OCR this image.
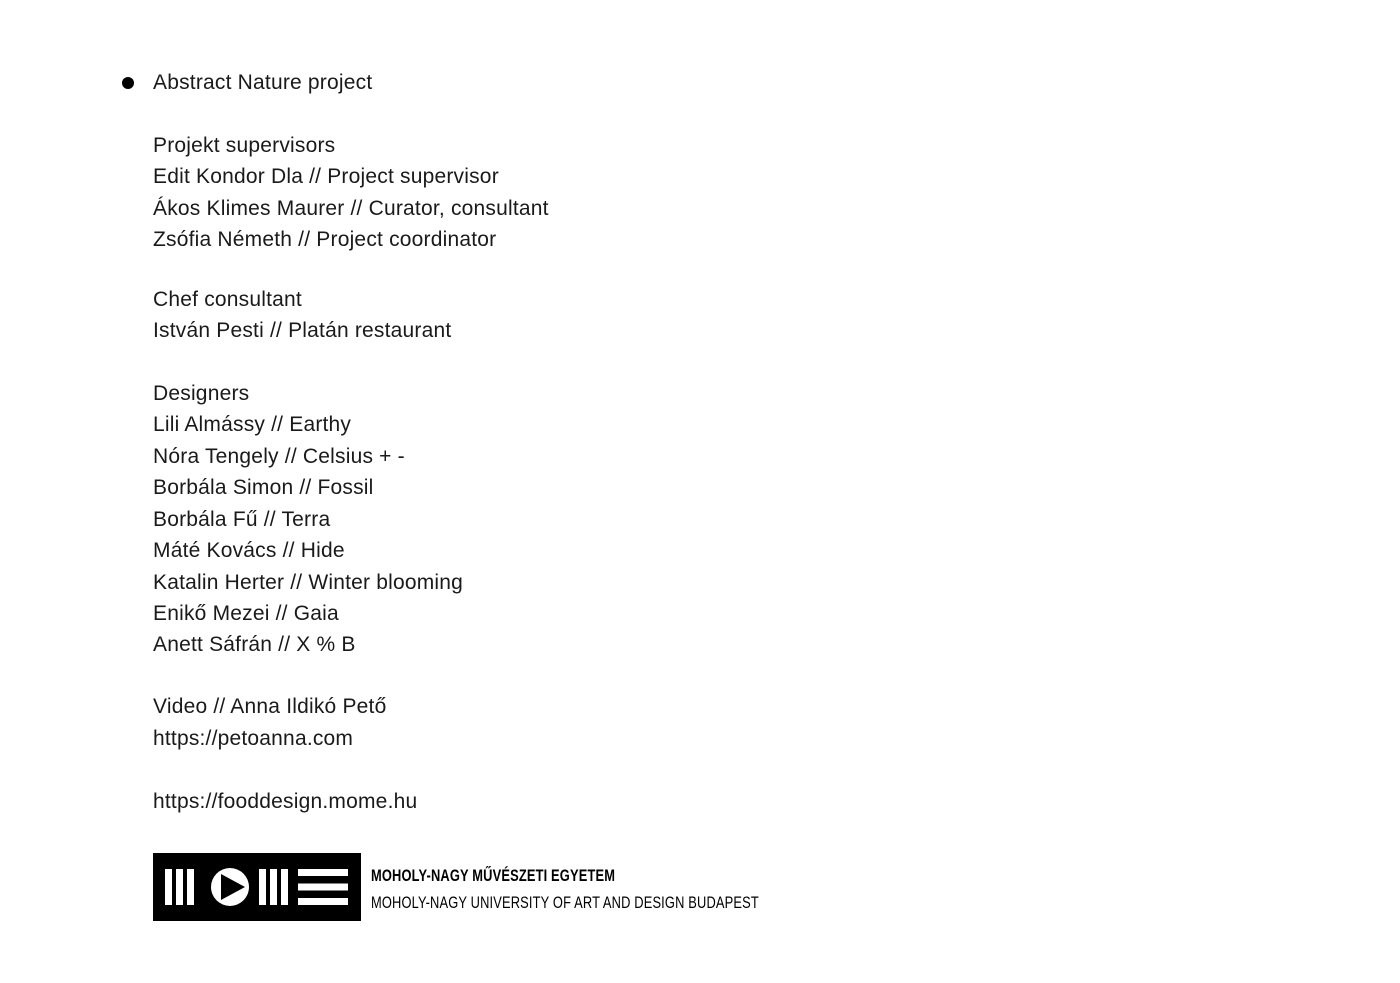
Abstract Nature project
Projekt supervisors
Edit Kondor Dla // Project supervisor
Ákos Klimes Maurer // Curator, consultant
Zsófia Németh // Project coordinator
Chef consultant
István Pesti // Platán restaurant
Designers
Lili Almássy // Earthy
Nóra Tengely // Celsius + -
Borbála Simon // Fossil
Borbála Fű // Terra
Máté Kovács // Hide
Katalin Herter // Winter blooming
Enikő Mezei // Gaia
Anett Sáfrán // X % B
Video // Anna Ildikó Pető
https://petoanna.com
https://fooddesign.mome.hu
MOHOLY-NAGY MŰVÉSZETI EGYETEM
MOHOLY-NAGY UNIVERSITY OF ART AND DESIGN BUDAPEST
